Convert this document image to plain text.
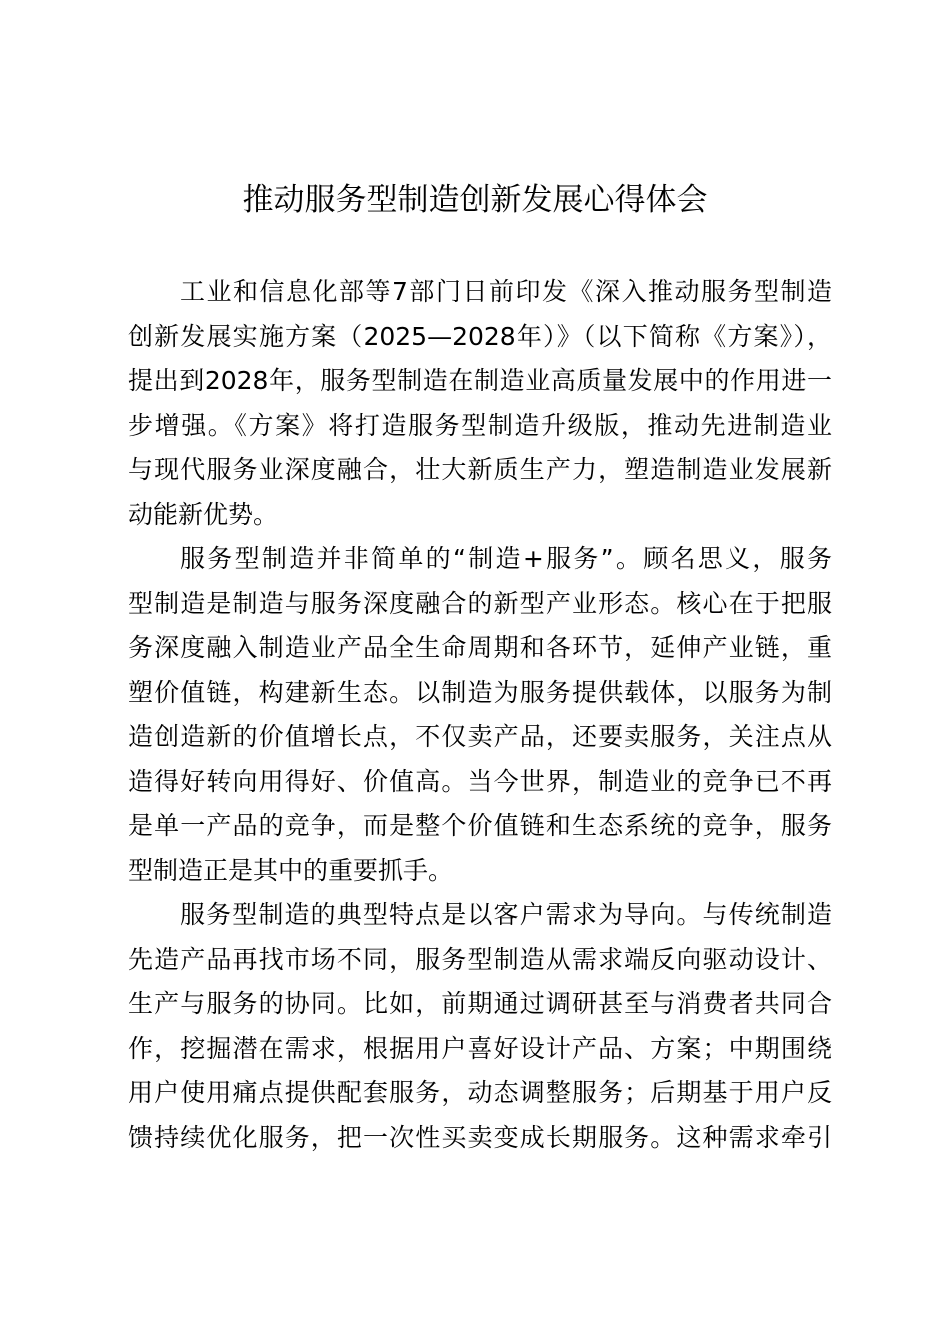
推动服务型制造创新发展心得体会
工业和信息化部等7部门日前印发《深入推动服务型制造
创新发展实施方案（2025—2028年）》（以下简称《方案》），
提出到2028年，服务型制造在制造业高质量发展中的作用进一
步增强。《方案》将打造服务型制造升级版，推动先进制造业
与现代服务业深度融合，壮大新质生产力，塑造制造业发展新
动能新优势。
服务型制造并非简单的“制造+服务”。顾名思义，服务
型制造是制造与服务深度融合的新型产业形态。核心在于把服
务深度融入制造业产品全生命周期和各环节，延伸产业链，重
塑价值链，构建新生态。以制造为服务提供载体，以服务为制
造创造新的价值增长点，不仅卖产品，还要卖服务，关注点从
造得好转向用得好、价值高。当今世界，制造业的竞争已不再
是单一产品的竞争，而是整个价值链和生态系统的竞争，服务
型制造正是其中的重要抓手。
服务型制造的典型特点是以客户需求为导向。与传统制造
先造产品再找市场不同，服务型制造从需求端反向驱动设计、
生产与服务的协同。比如，前期通过调研甚至与消费者共同合
作，挖掘潜在需求，根据用户喜好设计产品、方案；中期围绕
用户使用痛点提供配套服务，动态调整服务；后期基于用户反
馈持续优化服务，把一次性买卖变成长期服务。这种需求牵引
